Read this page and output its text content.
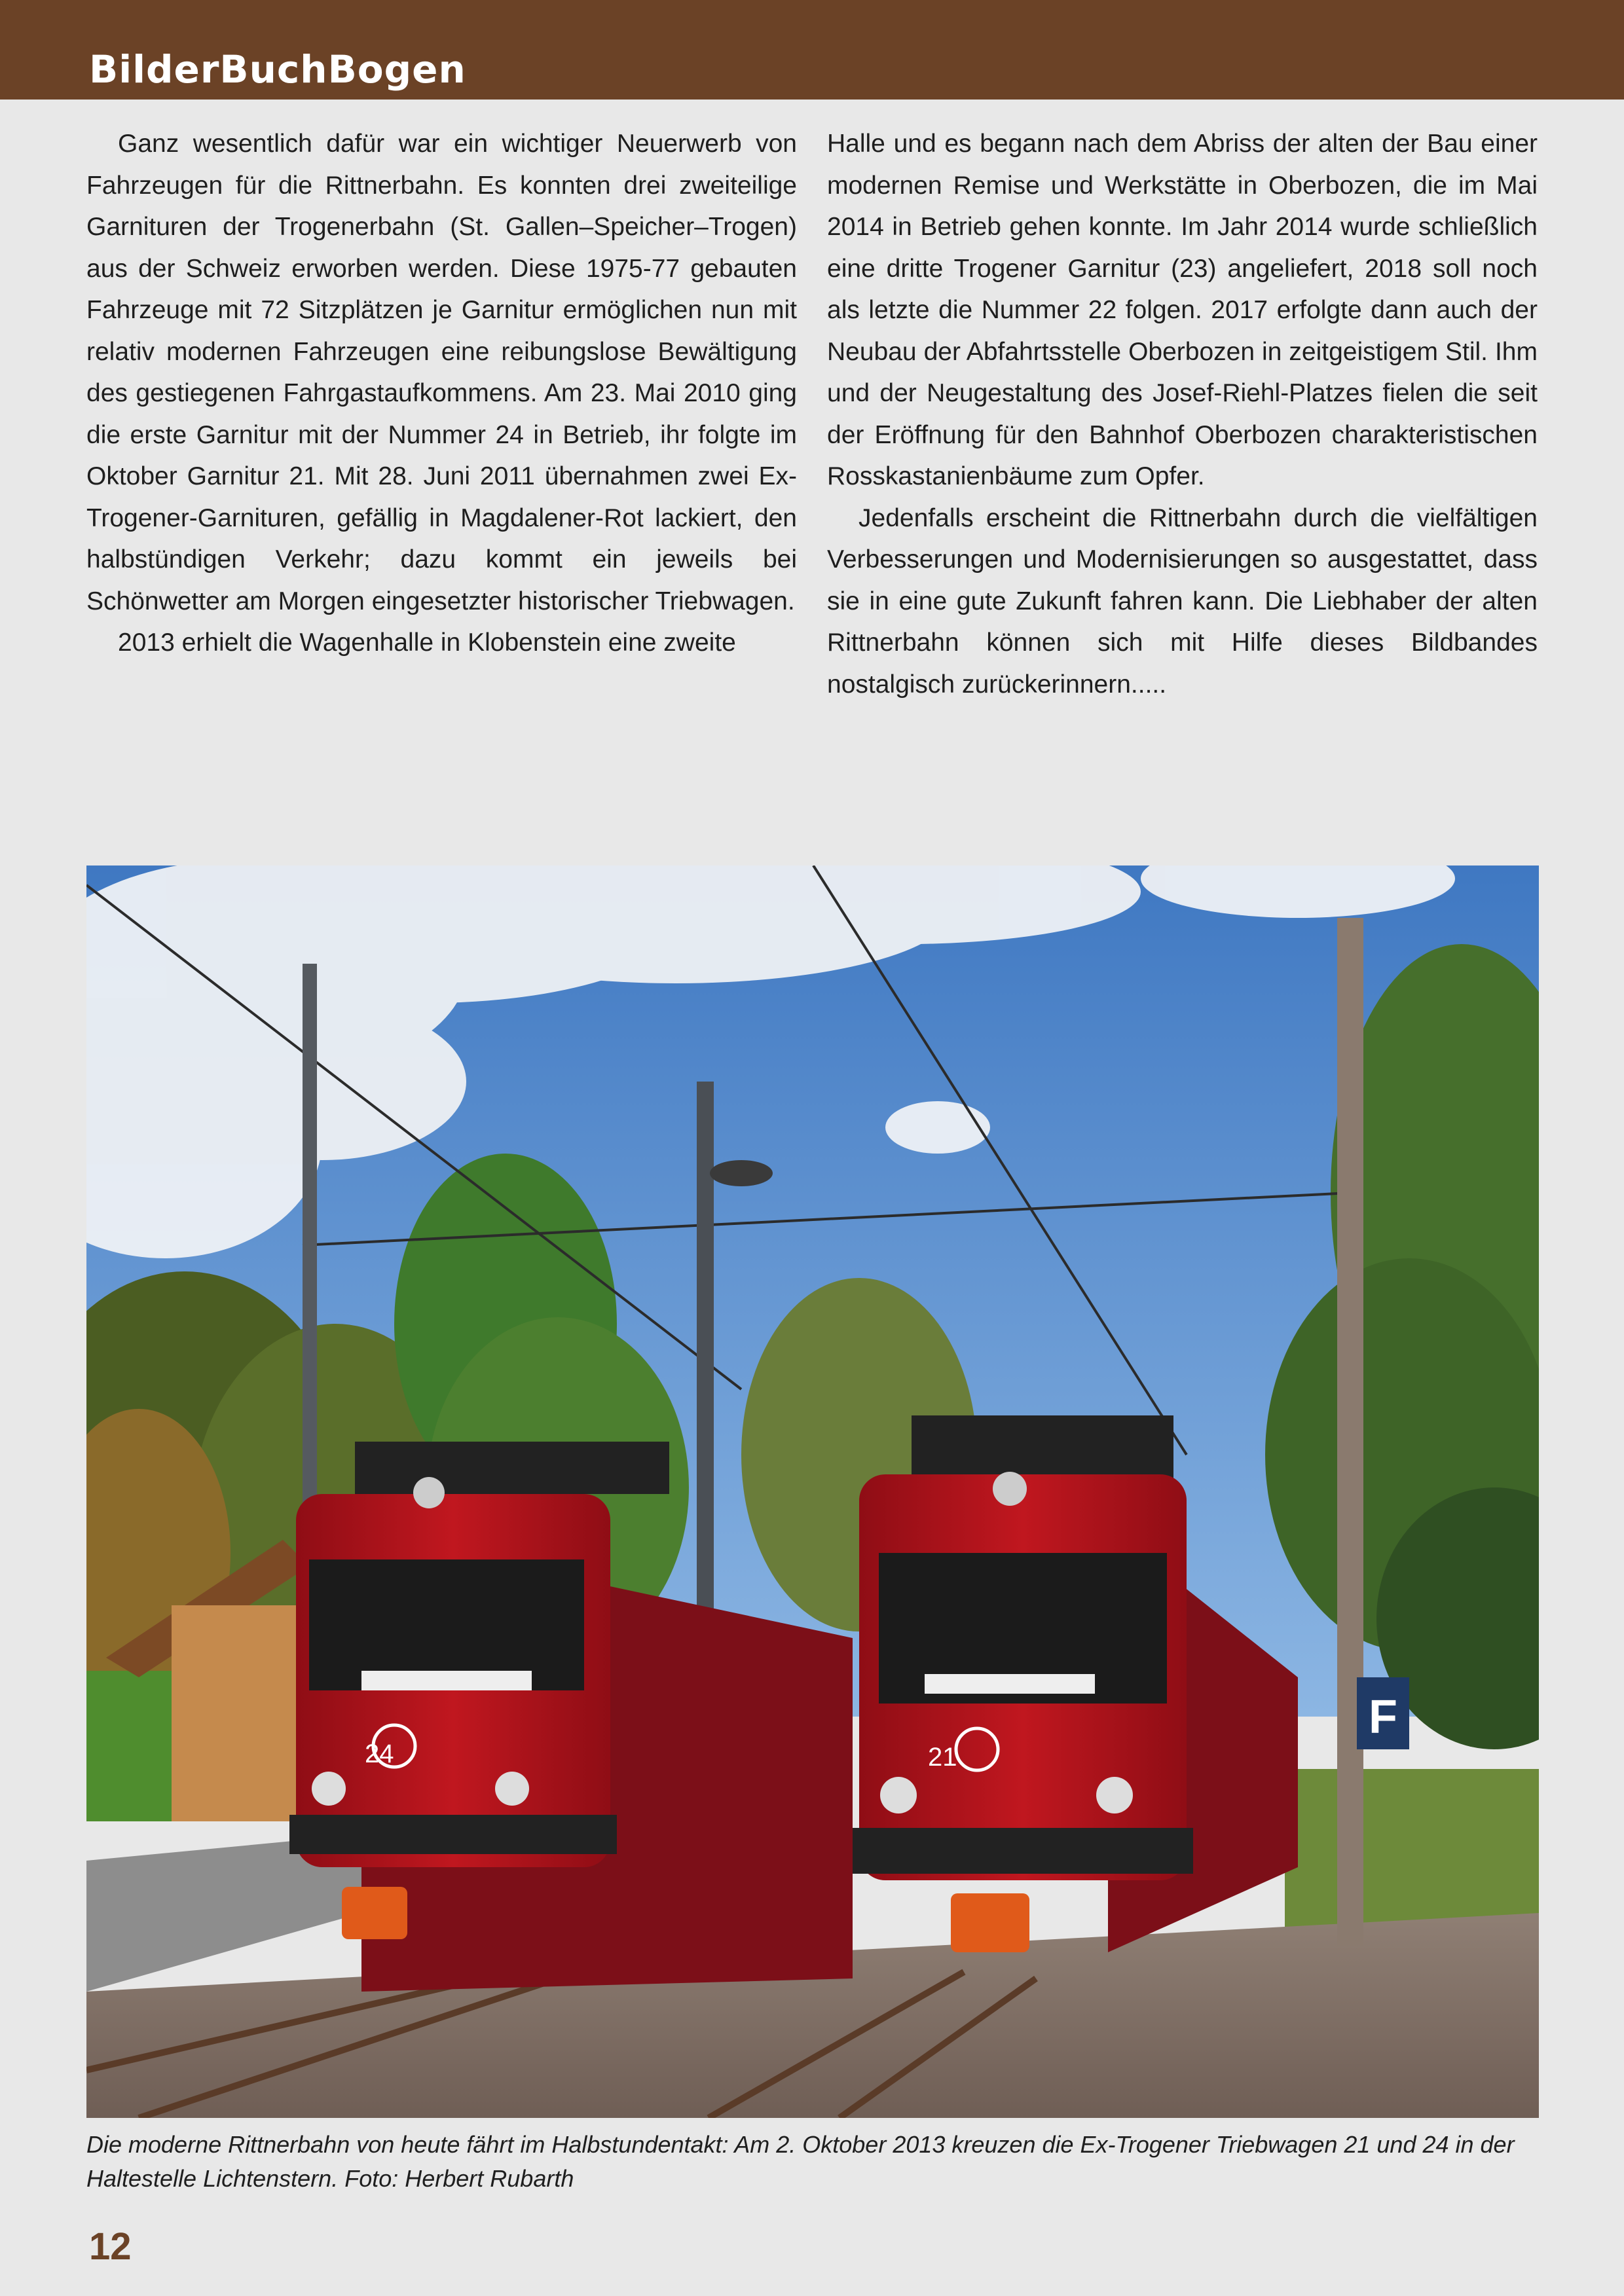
BilderBuchBogen

Ganz wesentlich dafür war ein wichtiger Neuerwerb von Fahrzeugen für die Rittnerbahn. Es konnten drei zweiteilige Garnituren der Trogenerbahn (St. Gallen–Speicher–Trogen) aus der Schweiz erworben werden. Diese 1975-77 gebauten Fahrzeuge mit 72 Sitzplätzen je Garnitur ermöglichen nun mit relativ modernen Fahrzeugen eine reibungslose Bewältigung des gestiegenen Fahrgastaufkommens. Am 23. Mai 2010 ging die erste Garnitur mit der Nummer 24 in Betrieb, ihr folgte im Oktober Garnitur 21. Mit 28. Juni 2011 übernahmen zwei Ex-Trogener-Garnituren, gefällig in Magdalener-Rot lackiert, den halbstündigen Verkehr; dazu kommt ein jeweils bei Schönwetter am Morgen eingesetzter historischer Triebwagen.

2013 erhielt die Wagenhalle in Klobenstein eine zweite

Halle und es begann nach dem Abriss der alten der Bau einer modernen Remise und Werkstätte in Oberbozen, die im Mai 2014 in Betrieb gehen konnte. Im Jahr 2014 wurde schließlich eine dritte Trogener Garnitur (23) angeliefert, 2018 soll noch als letzte die Nummer 22 folgen. 2017 erfolgte dann auch der Neubau der Abfahrtsstelle Oberbozen in zeitgeistigem Stil. Ihm und der Neugestaltung des Josef-Riehl-Platzes fielen die seit der Eröffnung für den Bahnhof Oberbozen charakteristischen Rosskastanienbäume zum Opfer.

Jedenfalls erscheint die Rittnerbahn durch die vielfältigen Verbesserungen und Modernisierungen so ausgestattet, dass sie in eine gute Zukunft fahren kann. Die Liebhaber der alten Rittnerbahn können sich mit Hilfe dieses Bildbandes nostalgisch zurückerinnern.....

F
24	21

Die moderne Rittnerbahn von heute fährt im Halbstundentakt: Am 2. Oktober 2013 kreuzen die Ex-Trogener Triebwagen 21 und 24 in der Haltestelle Lichtenstern. Foto: Herbert Rubarth

12
